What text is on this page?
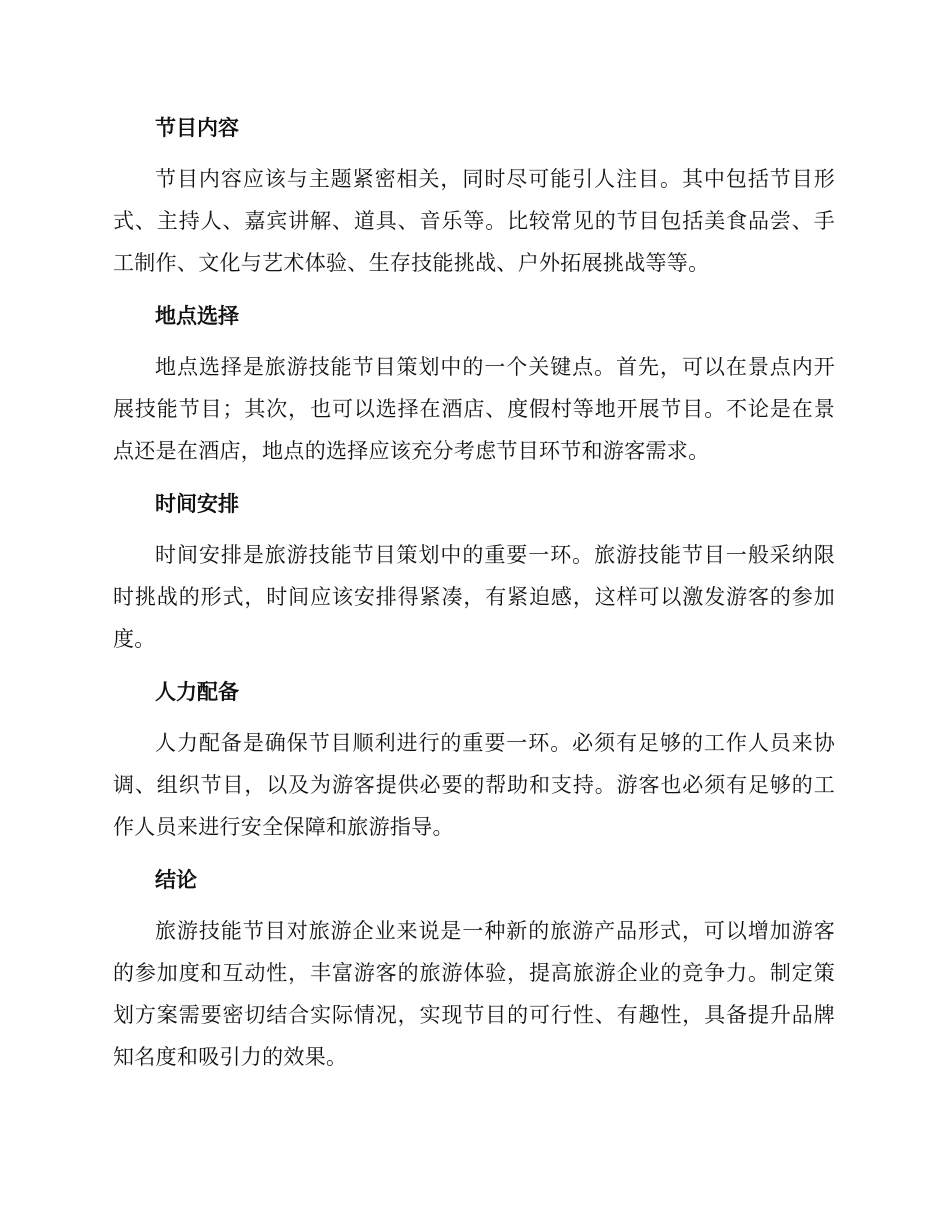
节目内容

节目内容应该与主题紧密相关，同时尽可能引人注目。其中包括节目形式、主持人、嘉宾讲解、道具、音乐等。比较常见的节目包括美食品尝、手工制作、文化与艺术体验、生存技能挑战、户外拓展挑战等等。

地点选择

地点选择是旅游技能节目策划中的一个关键点。首先，可以在景点内开展技能节目；其次，也可以选择在酒店、度假村等地开展节目。不论是在景点还是在酒店，地点的选择应该充分考虑节目环节和游客需求。

时间安排

时间安排是旅游技能节目策划中的重要一环。旅游技能节目一般采纳限时挑战的形式，时间应该安排得紧凑，有紧迫感，这样可以激发游客的参加度。

人力配备

人力配备是确保节目顺利进行的重要一环。必须有足够的工作人员来协调、组织节目，以及为游客提供必要的帮助和支持。游客也必须有足够的工作人员来进行安全保障和旅游指导。

结论

旅游技能节目对旅游企业来说是一种新的旅游产品形式，可以增加游客的参加度和互动性，丰富游客的旅游体验，提高旅游企业的竞争力。制定策划方案需要密切结合实际情况，实现节目的可行性、有趣性，具备提升品牌知名度和吸引力的效果。
